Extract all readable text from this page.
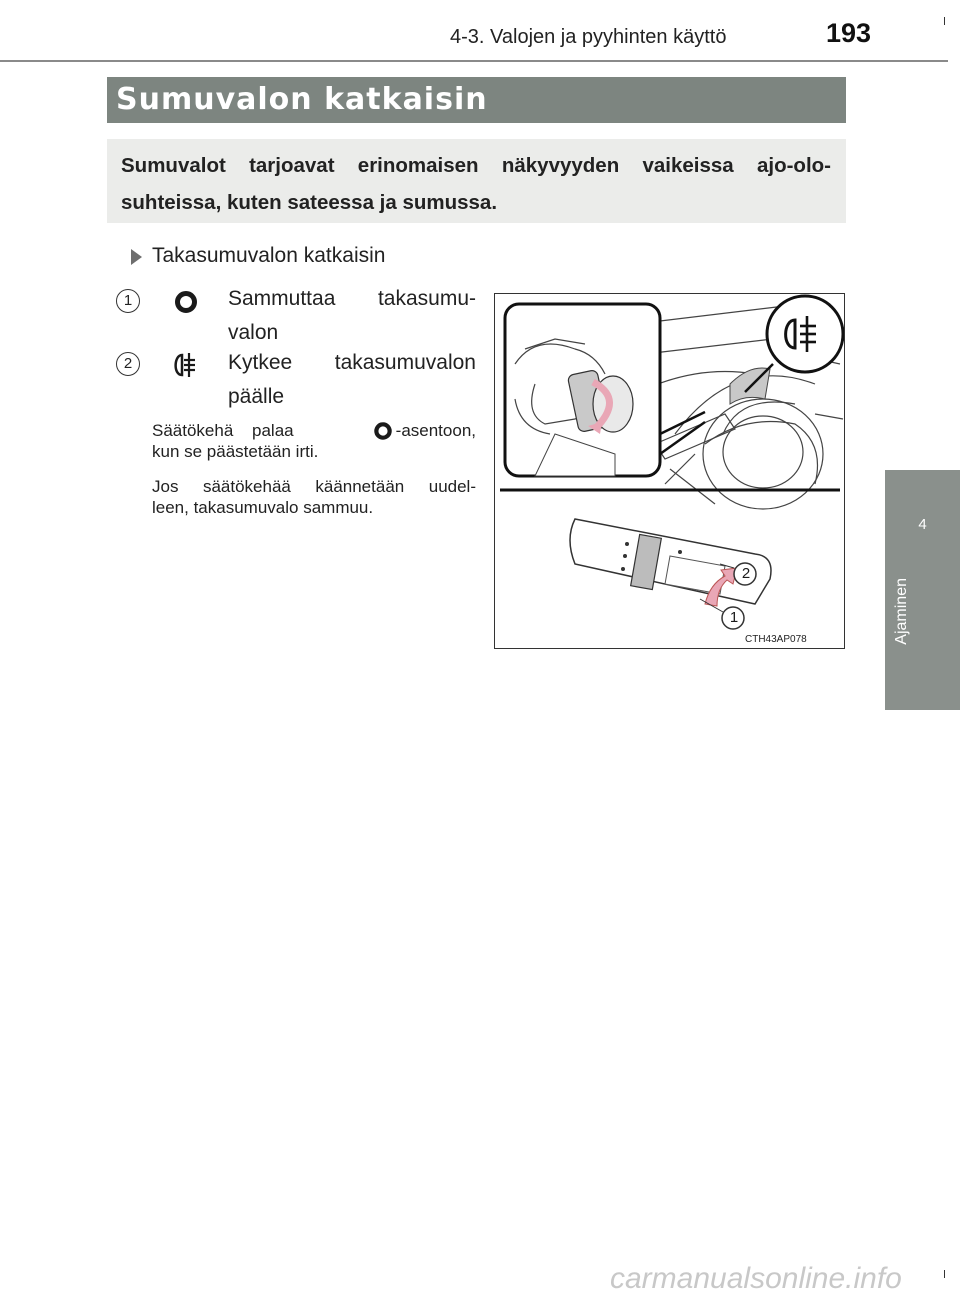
4-3. Valojen ja pyyhinten käyttö	193
Sumuvalon katkaisin
Sumuvalot tarjoavat erinomaisen näkyvyyden vaikeissa ajo-olo-suhteissa, kuten sateessa ja sumussa.
Takasumuvalon katkaisin
1	Sammuttaa takasumu-
valon
2	Kytkee takasumuvalon
päälle
Säätökehä palaa	-asentoon,
kun se päästetään irti.
Jos säätökehää käännetään uudel-
leen, takasumuvalo sammuu.
2
1
CTH43AP078
4
Ajaminen
carmanualsonline.info
